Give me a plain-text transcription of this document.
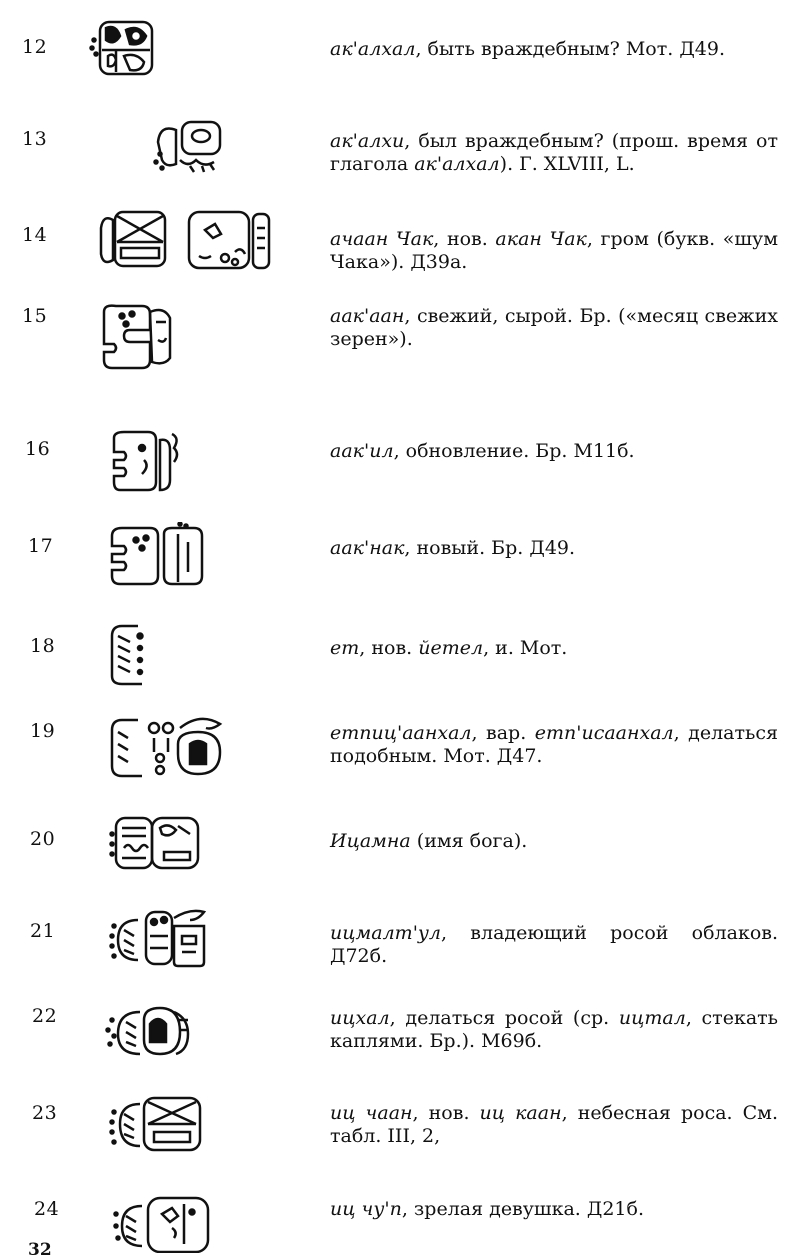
12	ак'алхал, быть враждебным? Мот. Д49.
13	ак'алхи, был враждебным? (прош. время от глагола ак'алхал). Г. XLVIII, L.
14	ачаан Чак, нов. акан Чак, гром (букв. «шум Чака»). Д39а.
15	аак'аан, свежий, сырой. Бр. («месяц свежих зерен»).
16	аак'ил, обновление. Бр. М11б.
17	аак'нак, новый. Бр. Д49.
18	ет, нов. йетел, и. Мот.
19	етпиц'аанхал, вар. етп'исаанхал, делаться подобным. Мот. Д47.
20	Ицамна (имя бога).
21	ицмалт'ул, владеющий росой облаков. Д72б.
22	ицхал, делаться росой (ср. ицтал, стекать каплями. Бр.). М69б.
23	иц чаан, нов. иц каан, небесная роса. См. табл. III, 2,
24	иц чу'п, зрелая девушка. Д21б.
32
